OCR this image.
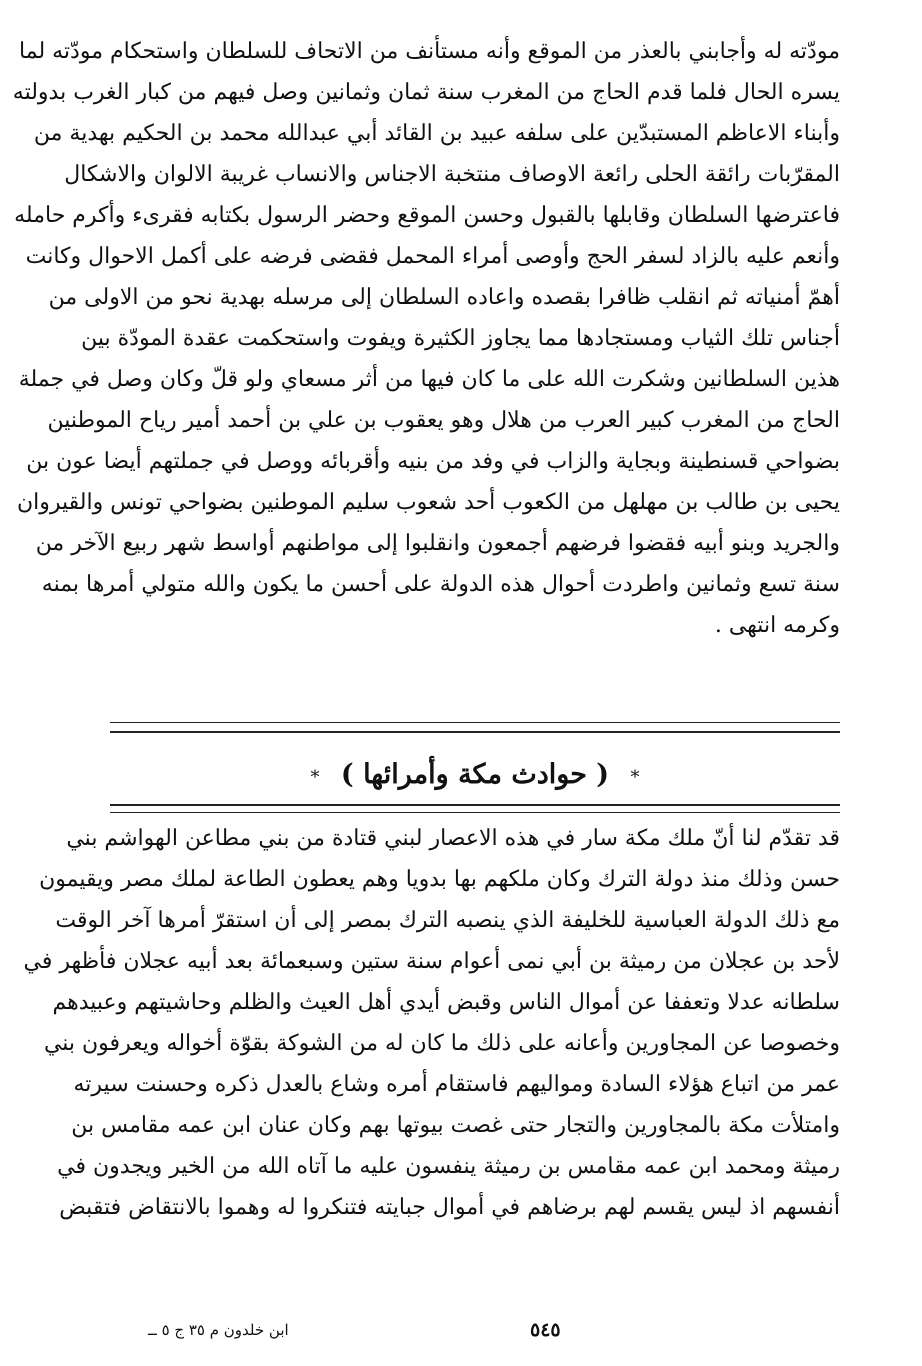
مودّته له وأجابني بالعذر من الموقع وأنه مستأنف من الاتحاف للسلطان واستحكام مودّته لما
يسره الحال فلما قدم الحاج من المغرب سنة ثمان وثمانين وصل فيهم من كبار الغرب بدولته
وأبناء الاعاظم المستبدّين على سلفه عبيد بن القائد أبي عبدالله محمد بن الحكيم بهدية من
المقرّبات رائقة الحلى رائعة الاوصاف منتخبة الاجناس والانساب غريبة الالوان والاشكال
فاعترضها السلطان وقابلها بالقبول وحسن الموقع وحضر الرسول بكتابه فقرىء وأكرم حامله
وأنعم عليه بالزاد لسفر الحج وأوصى أمراء المحمل فقضى فرضه على أكمل الاحوال وكانت
أهمّ أمنياته ثم انقلب ظافرا بقصده واعاده السلطان إلى مرسله بهدية نحو من الاولى من
أجناس تلك الثياب ومستجادها مما يجاوز الكثيرة ويفوت واستحكمت عقدة المودّة بين
هذين السلطانين وشكرت الله على ما كان فيها من أثر مسعاي ولو قلّ وكان وصل في جملة
الحاج من المغرب كبير العرب من هلال وهو يعقوب بن علي بن أحمد أمير رياح الموطنين
بضواحي قسنطينة وبجاية والزاب في وفد من بنيه وأقربائه ووصل في جملتهم أيضا عون بن
يحيى بن طالب بن مهلهل من الكعوب أحد شعوب سليم الموطنين بضواحي تونس والقيروان
والجريد وبنو أبيه فقضوا فرضهم أجمعون وانقلبوا إلى مواطنهم أواسط شهر ربيع الآخر من
سنة تسع وثمانين واطردت أحوال هذه الدولة على أحسن ما يكون والله متولي أمرها بمنه
وكرمه انتهى .
* ( حوادث مكة وأمرائها ) *
قد تقدّم لنا أنّ ملك مكة سار في هذه الاعصار لبني قتادة من بني مطاعن الهواشم بني
حسن وذلك منذ دولة الترك وكان ملكهم بها بدويا وهم يعطون الطاعة لملك مصر ويقيمون
مع ذلك الدولة العباسية للخليفة الذي ينصبه الترك بمصر إلى أن استقرّ أمرها آخر الوقت
لأحد بن عجلان من رميثة بن أبي نمى أعوام سنة ستين وسبعمائة بعد أبيه عجلان فأظهر في
سلطانه عدلا وتعففا عن أموال الناس وقبض أيدي أهل العيث والظلم وحاشيتهم وعبيدهم
وخصوصا عن المجاورين وأعانه على ذلك ما كان له من الشوكة بقوّة أخواله ويعرفون بني
عمر من اتباع هؤلاء السادة ومواليهم فاستقام أمره وشاع بالعدل ذكره وحسنت سيرته
وامتلأت مكة بالمجاورين والتجار حتى غصت بيوتها بهم وكان عنان ابن عمه مقامس بن
رميثة ومحمد ابن عمه مقامس بن رميثة ينفسون عليه ما آتاه الله من الخير ويجدون في
أنفسهم اذ ليس يقسم لهم برضاهم في أموال جبايته فتنكروا له وهموا بالانتقاض فتقبض
ابن خلدون م ٣٥ ج ٥ ــ	٥٤٥
